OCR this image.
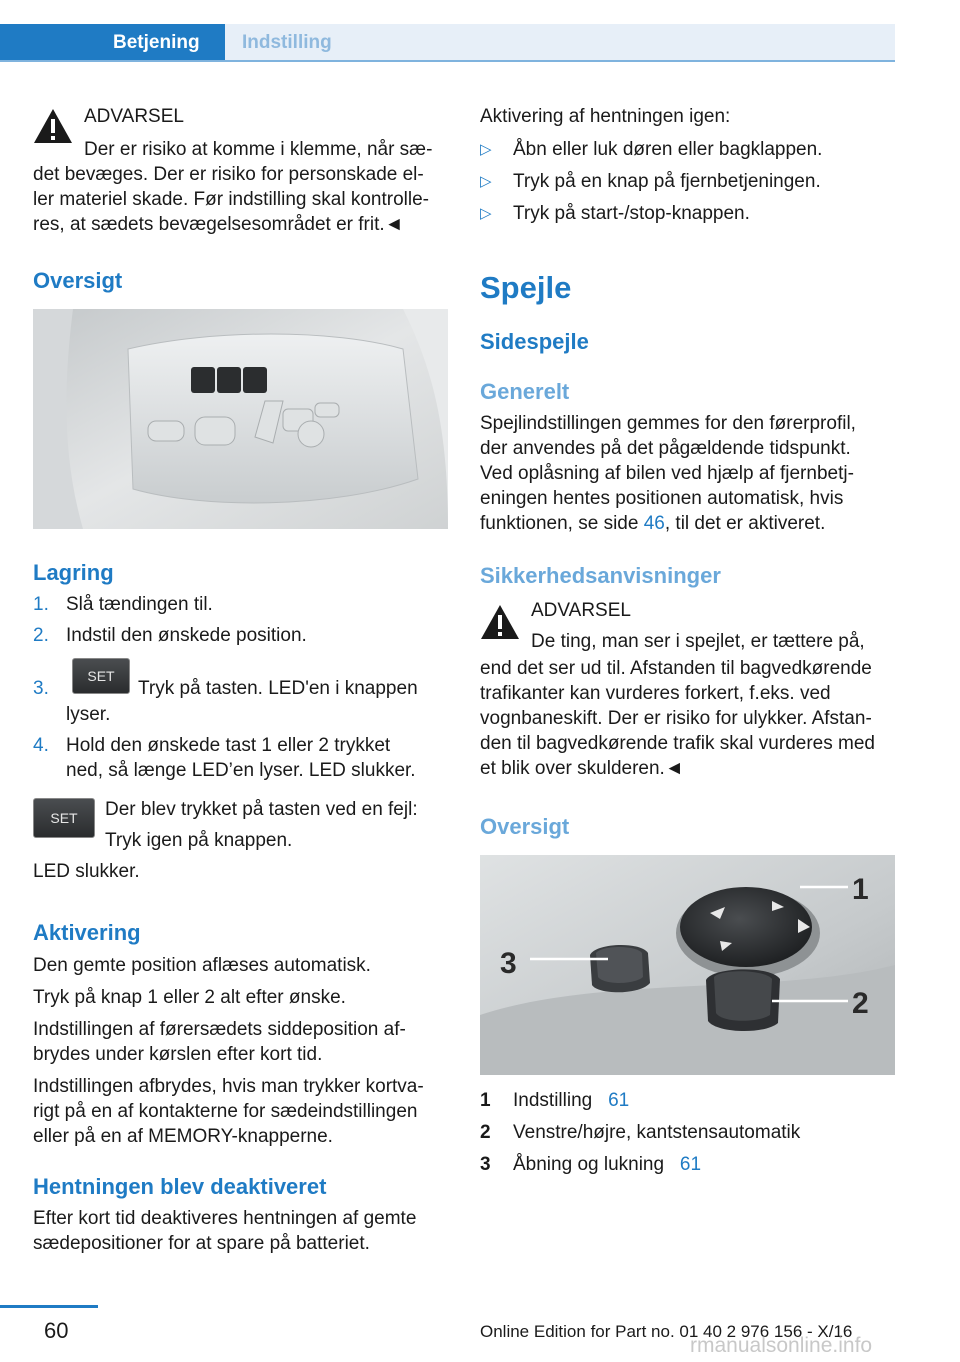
Betjening Indstilling
ADVARSEL
Der er risiko at komme i klemme, når sæ-
det bevæges. Der er risiko for personskade el-
ler materiel skade. Før indstilling skal kontrolle-
res, at sædets bevægelsesområdet er frit.◄
Oversigt
Lagring
1. Slå tændingen til.
2. Indstil den ønskede position.
3.
SET
Tryk på tasten. LED'en i knappen
lyser.
4. Hold den ønskede tast 1 eller 2 trykket
ned, så længe LED’en lyser. LED slukker.
SET	Der blev trykket på tasten ved en fejl:

Tryk igen på knappen.

LED slukker.

Aktivering

Den gemte position aflæses automatisk.

Tryk på knap 1 eller 2 alt efter ønske.

Indstillingen af førersædets siddeposition af-

brydes under kørslen efter kort tid.

Indstillingen afbrydes, hvis man trykker kortva-

rigt på en af kontakterne for sædeindstillingen

eller på en af MEMORY-knapperne.

Hentningen blev deaktiveret

Efter kort tid deaktiveres hentningen af gemte

sædepositioner for at spare på batteriet.

Aktivering af hentningen igen:

▷ Åbn eller luk døren eller bagklappen.
▷ Tryk på en knap på fjernbetjeningen.
▷ Tryk på start-/stop-knappen.
Spejle
Sidespejle
Generelt

Spejlindstillingen gemmes for den førerprofil,

der anvendes på det pågældende tidspunkt.

Ved oplåsning af bilen ved hjælp af fjernbetj-

eningen hentes positionen automatisk, hvis

funktionen, se side 46, til det er aktiveret.

Sikkerhedsanvisninger
ADVARSEL
De ting, man ser i spejlet, er tættere på,
end det ser ud til. Afstanden til bagvedkørende
trafikanter kan vurderes forkert, f.eks. ved
vognbaneskift. Der er risiko for ulykker. Afstan-
den til bagvedkørende trafik skal vurderes med
et blik over skulderen.◄
Oversigt
1
2
3
1 Indstilling 61
2 Venstre/højre, kantstensautomatik
3 Åbning og lukning 61
60	Online Edition for Part no. 01 40 2 976 156 - X/16
rmanualsonline.info
